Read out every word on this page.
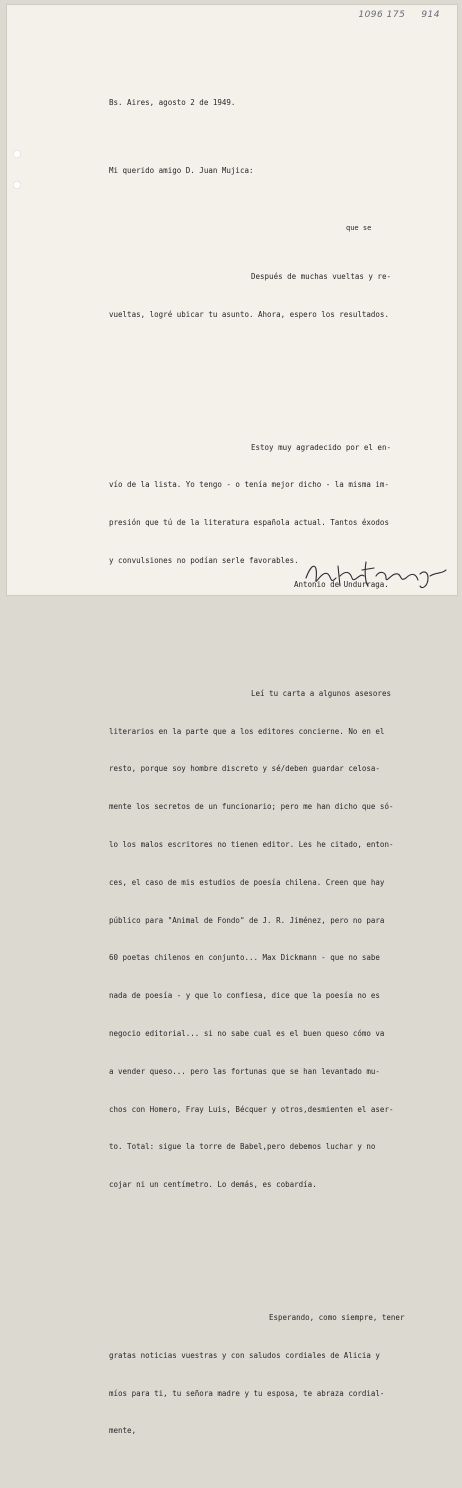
1096 175 914

Bs. Aires, agosto 2 de 1949.

Mi querido amigo D. Juan Mujica:

Después de muchas vueltas y re-

vueltas, logré ubicar tu asunto. Ahora, espero los resultados.

Estoy muy agradecido por el en-

vío de la lista. Yo tengo - o tenía mejor dicho - la misma im-

presión que tú de la literatura española actual. Tantos éxodos

y convulsiones no podían serle favorables.

Leí tu carta a algunos asesores

literarios en la parte que a los editores concierne. No en el

resto, porque soy hombre discreto y sé/deben guardar celosa-

mente los secretos de un funcionario; pero me han dicho que só-

lo los malos escritores no tienen editor. Les he citado, enton-

ces, el caso de mis estudios de poesía chilena. Creen que hay

público para "Animal de Fondo" de J. R. Jiménez, pero no para

60 poetas chilenos en conjunto... Max Dickmann - que no sabe

nada de poesía - y que lo confiesa, dice que la poesía no es

negocio editorial... si no sabe cual es el buen queso cómo va

a vender queso... pero las fortunas que se han levantado mu-

chos con Homero, Fray Luis, Bécquer y otros,desmienten el aser-

to. Total: sigue la torre de Babel,pero debemos luchar y no

cojar ni un centímetro. Lo demás, es cobardía.

Esperando, como siempre, tener

gratas noticias vuestras y con saludos cordiales de Alicia y

míos para ti, tu señora madre y tu esposa, te abraza cordial-

mente,

que se
Antonio de Undurraga.
